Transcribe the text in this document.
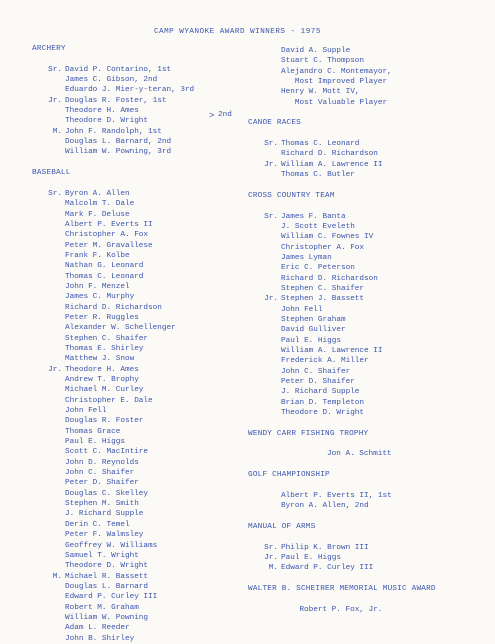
CAMP WYANOKE AWARD WINNERS - 1975
ARCHERY
Sr. David P. Contarino, 1st
James C. Gibson, 2nd
Eduardo J. Mier-y-teran, 3rd
Jr. Douglas R. Foster, 1st
Theodore H. Ames	> 2nd
Theodore D. Wright
M. John F. Randolph, 1st
Douglas L. Barnard, 2nd
William W. Powning, 3rd
BASEBALL
Sr. Byron A. Allen
Malcolm T. Dale
Mark F. Deluse
Albert P. Everts II
Christopher A. Fox
Peter M. Gravallese
Frank F. Kolbe
Nathan G. Leonard
Thomas C. Leonard
John F. Menzel
James C. Murphy
Richard D. Richardson
Peter R. Ruggles
Alexander W. Schellenger
Stephen C. Shaifer
Thomas E. Shirley
Matthew J. Snow
Jr. Theodore H. Ames
Andrew T. Brophy
Michael M. Curley
Christopher E. Dale
John Fell
Douglas R. Foster
Thomas Grace
Paul E. Higgs
Scott C. MacIntire
John D. Reynolds
John C. Shaifer
Peter D. Shaifer
Douglas C. Skelley
Stephen M. Smith
J. Richard Supple
Derin C. Temel
Peter F. Walmsley
Geoffrey W. Williams
Samuel T. Wright
Theodore D. Wright
M. Michael R. Bassett
Douglas L. Barnard
Edward P. Curley III
Robert M. Graham
William W. Powning
Adam L. Reeder
John B. Shirley
David A. Supple
Stuart C. Thompson
Alejandro C. Montemayor,
Most Improved Player
Henry W. Mott IV,
Most Valuable Player
CANOE RACES
Sr. Thomas C. Leonard
Richard D. Richardson
Jr. William A. Lawrence II
Thomas C. Butler
CROSS COUNTRY TEAM
Sr. James F. Banta
J. Scott Eveleth
William C. Fownes IV
Christopher A. Fox
James Lyman
Eric C. Peterson
Richard D. Richardson
Stephen C. Shaifer
Jr. Stephen J. Bassett
John Fell
Stephen Graham
David Gulliver
Paul E. Higgs
William A. Lawrence II
Frederick A. Miller
John C. Shaifer
Peter D. Shaifer
J. Richard Supple
Brian D. Templeton
Theodore D. Wright
WENDY CARR FISHING TROPHY
Jon A. Schmitt
GOLF CHAMPIONSHIP
Albert P. Everts II, 1st
Byron A. Allen, 2nd
MANUAL OF ARMS
Sr. Philip K. Brown III
Jr. Paul E. Higgs
M. Edward P. Curley III
WALTER B. SCHEIRER MEMORIAL MUSIC AWARD
Robert P. Fox, Jr.
